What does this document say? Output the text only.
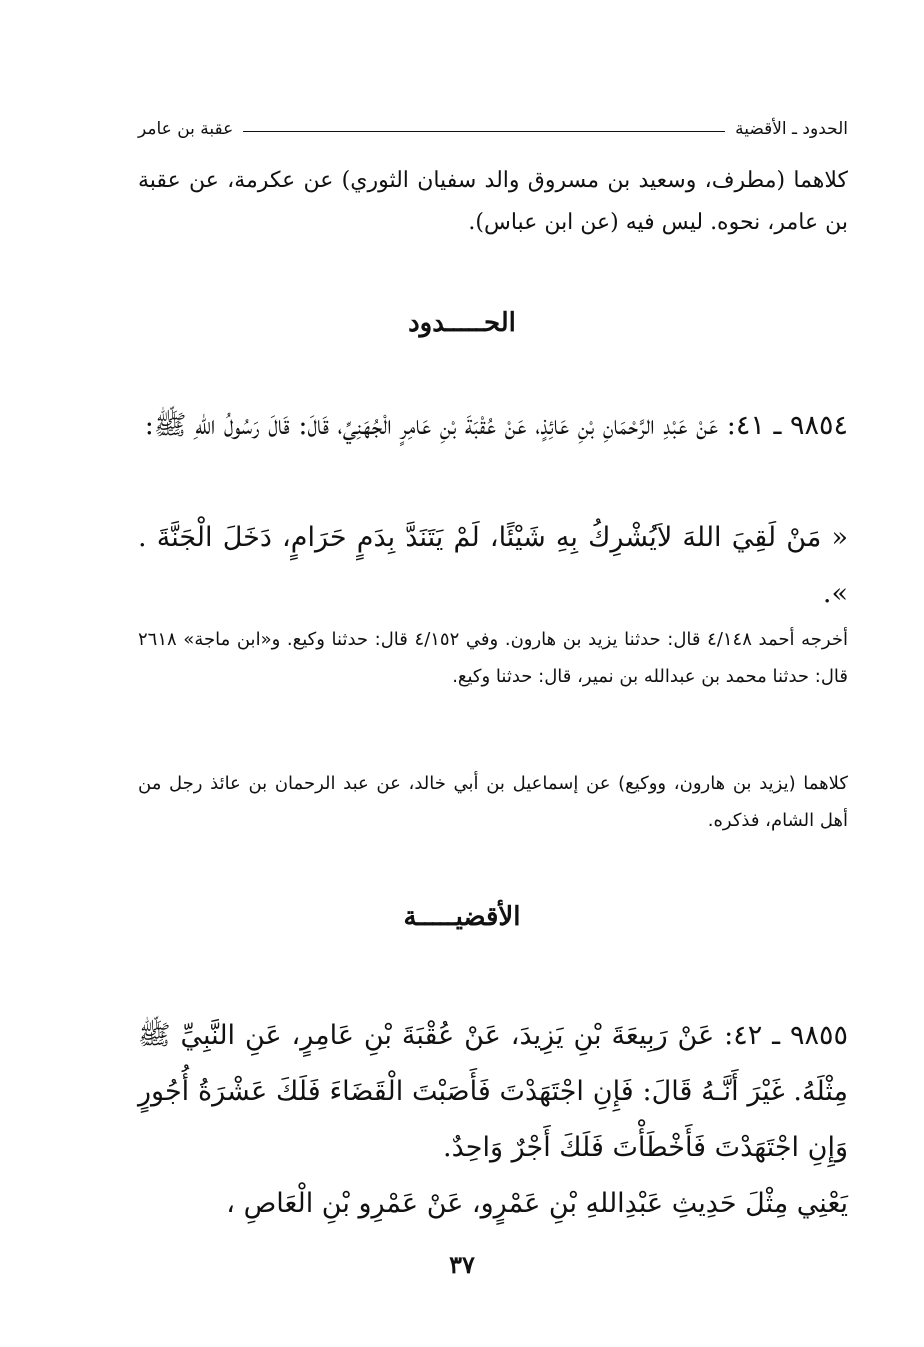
الحدود ـ الأقضية
عقبة بن عامر

كلاهما (مطرف، وسعيد بن مسروق والد سفيان الثوري) عن عكرمة، عن عقبة بن عامر، نحوه. ليس فيه (عن ابن عباس).

الحـــــدود

٩٨٥٤ ـ ٤١: عَنْ عَبْدِ الرَّحْمَانِ بْنِ عَائِذٍ، عَنْ عُقْبَةَ بْنِ عَامِرٍ الْجُهَنِيِّ، قَالَ: قَالَ رَسُولُ اللهِ ﷺ:

« مَنْ لَقِيَ اللهَ لاَيُشْرِكُ بِهِ شَيْئًا، لَمْ يَتَنَدَّ بِدَمٍ حَرَامٍ، دَخَلَ الْجَنَّةَ . ».

أخرجه أحمد ٤/١٤٨ قال: حدثنا يزيد بن هارون. وفي ٤/١٥٢ قال: حدثنا وكيع. و«ابن ماجة» ٢٦١٨ قال: حدثنا محمد بن عبدالله بن نمير، قال: حدثنا وكيع.

كلاهما (يزيد بن هارون، ووكيع) عن إسماعيل بن أبي خالد، عن عبد الرحمان بن عائذ رجل من أهل الشام، فذكره.

الأقضيـــــة

٩٨٥٥ ـ ٤٢: عَنْ رَبِيعَةَ بْنِ يَزِيدَ، عَنْ عُقْبَةَ بْنِ عَامِرٍ، عَنِ النَّبِيِّ ﷺ مِثْلَهُ. غَيْرَ أَنَّـهُ قَالَ: فَإِنِ اجْتَهَدْتَ فَأَصَبْتَ الْقَضَاءَ فَلَكَ عَشْرَةُ أُجُورٍ وَإِنِ اجْتَهَدْتَ فَأَخْطَأْتَ فَلَكَ أَجْرٌ وَاحِدٌ.

يَعْنِي مِثْلَ حَدِيثِ عَبْدِاللهِ بْنِ عَمْرٍو، عَنْ عَمْرِو بْنِ الْعَاصِ ،

٣٧
